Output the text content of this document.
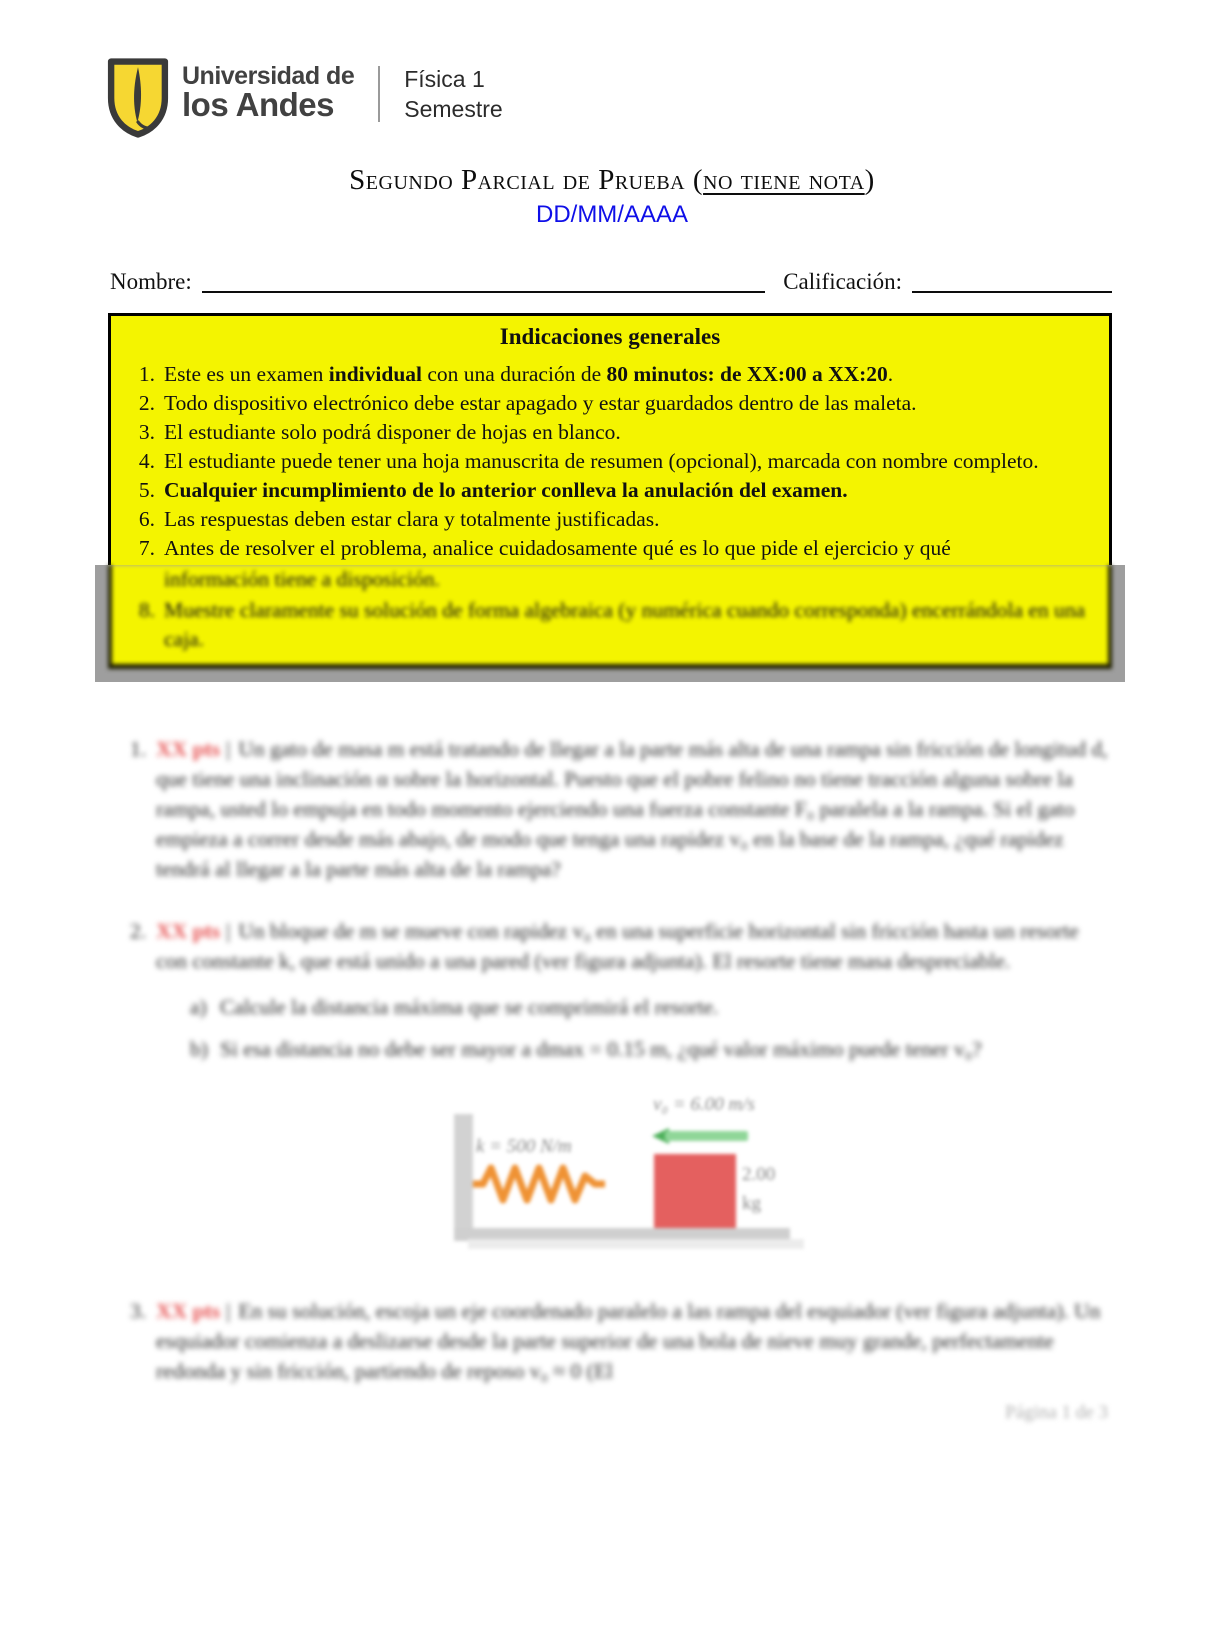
Universidad de
los Andes
Física 1
Semestre
Segundo Parcial de Prueba (no tiene nota)
DD/MM/AAAA
Nombre:	Calificación:
Indicaciones generales
1. Este es un examen individual con una duración de 80 minutos: de XX:00 a XX:20.
2. Todo dispositivo electrónico debe estar apagado y estar guardados dentro de las maleta.
3. El estudiante solo podrá disponer de hojas en blanco.
4. El estudiante puede tener una hoja manuscrita de resumen (opcional), marcada con nombre completo.
5. Cualquier incumplimiento de lo anterior conlleva la anulación del examen.
6. Las respuestas deben estar clara y totalmente justificadas.
7. Antes de resolver el problema, analice cuidadosamente qué es lo que pide el ejercicio y qué
información tiene a disposición.
8. Muestre claramente su solución de forma algebraica (y numérica cuando corresponda) encerrándola en una caja.
1. XX pts | Un gato de masa m está tratando de llegar a la parte más alta de una rampa sin fricción de longitud d, que tiene una inclinación α sobre la horizontal. Puesto que el pobre felino no tiene tracción alguna sobre la rampa, usted lo empuja en todo momento ejerciendo una fuerza constante F₀ paralela a la rampa. Si el gato empieza a correr desde más abajo, de modo que tenga una rapidez v₀ en la base de la rampa, ¿qué rapidez tendrá al llegar a la parte más alta de la rampa?
2. XX pts | Un bloque de m se mueve con rapidez v₀ en una superficie horizontal sin fricción hasta un resorte con constante k, que está unido a una pared (ver figura adjunta). El resorte tiene masa despreciable.
a) Calcule la distancia máxima que se comprimirá el resorte.
b) Si esa distancia no debe ser mayor a dmax = 0.15 m, ¿qué valor máximo puede tener v₀?
v₀ = 6.00 m/s
k = 500 N/m
2.00
kg
3. XX pts | En su solución, escoja un eje coordenado paralelo a las rampa del esquiador (ver figura adjunta). Un esquiador comienza a deslizarse desde la parte superior de una bola de nieve muy grande, perfectamente redonda y sin fricción, partiendo de reposo v₀ ≈ 0 (El
Página 1 de 3
